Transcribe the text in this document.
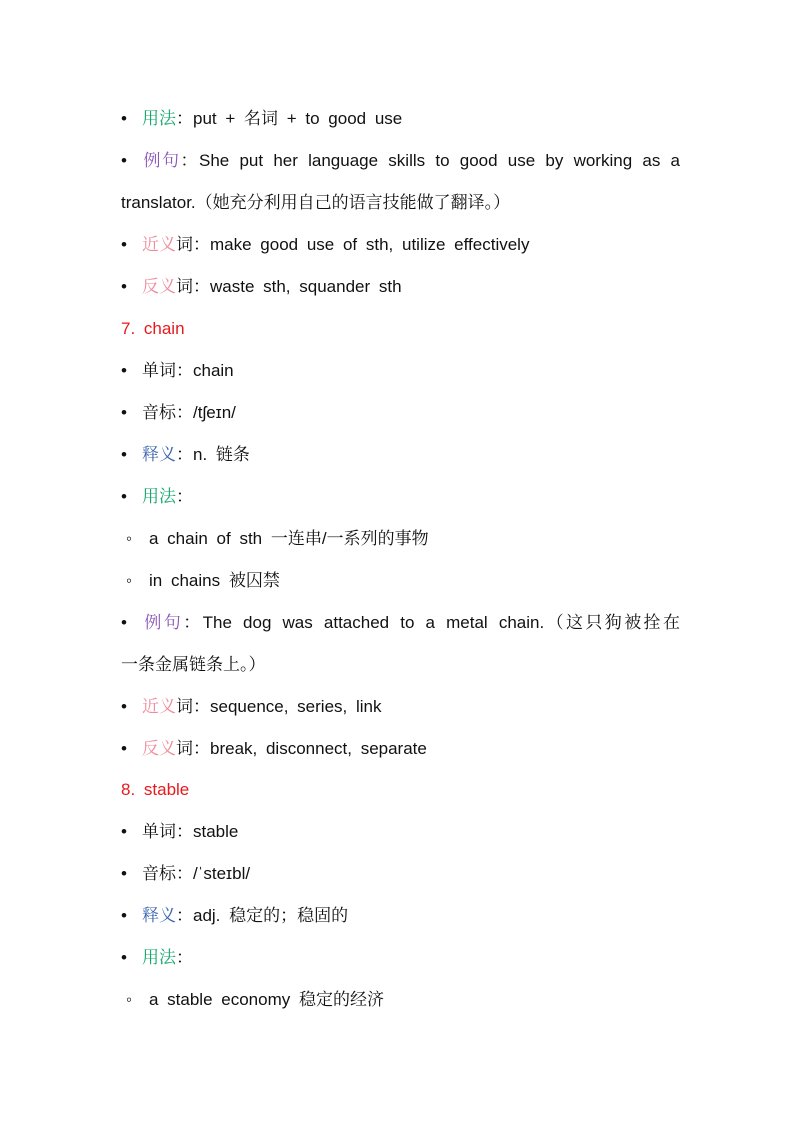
• 用法：put + 名词 + to good use
• 例句：She put her language skills to good use by working as a
translator.（她充分利用自己的语言技能做了翻译。）
• 近义词：make good use of sth, utilize effectively
• 反义词：waste sth, squander sth
7. chain
• 单词：chain
• 音标：/tʃeɪn/
• 释义：n. 链条
• 用法：
◦ a chain of sth 一连串/一系列的事物
◦ in chains 被囚禁
• 例句：The dog was attached to a metal chain.（这只狗被拴在
一条金属链条上。）
• 近义词：sequence, series, link
• 反义词：break, disconnect, separate
8. stable
• 单词：stable
• 音标：/ˈsteɪbl/
• 释义：adj. 稳定的；稳固的
• 用法：
◦ a stable economy 稳定的经济
